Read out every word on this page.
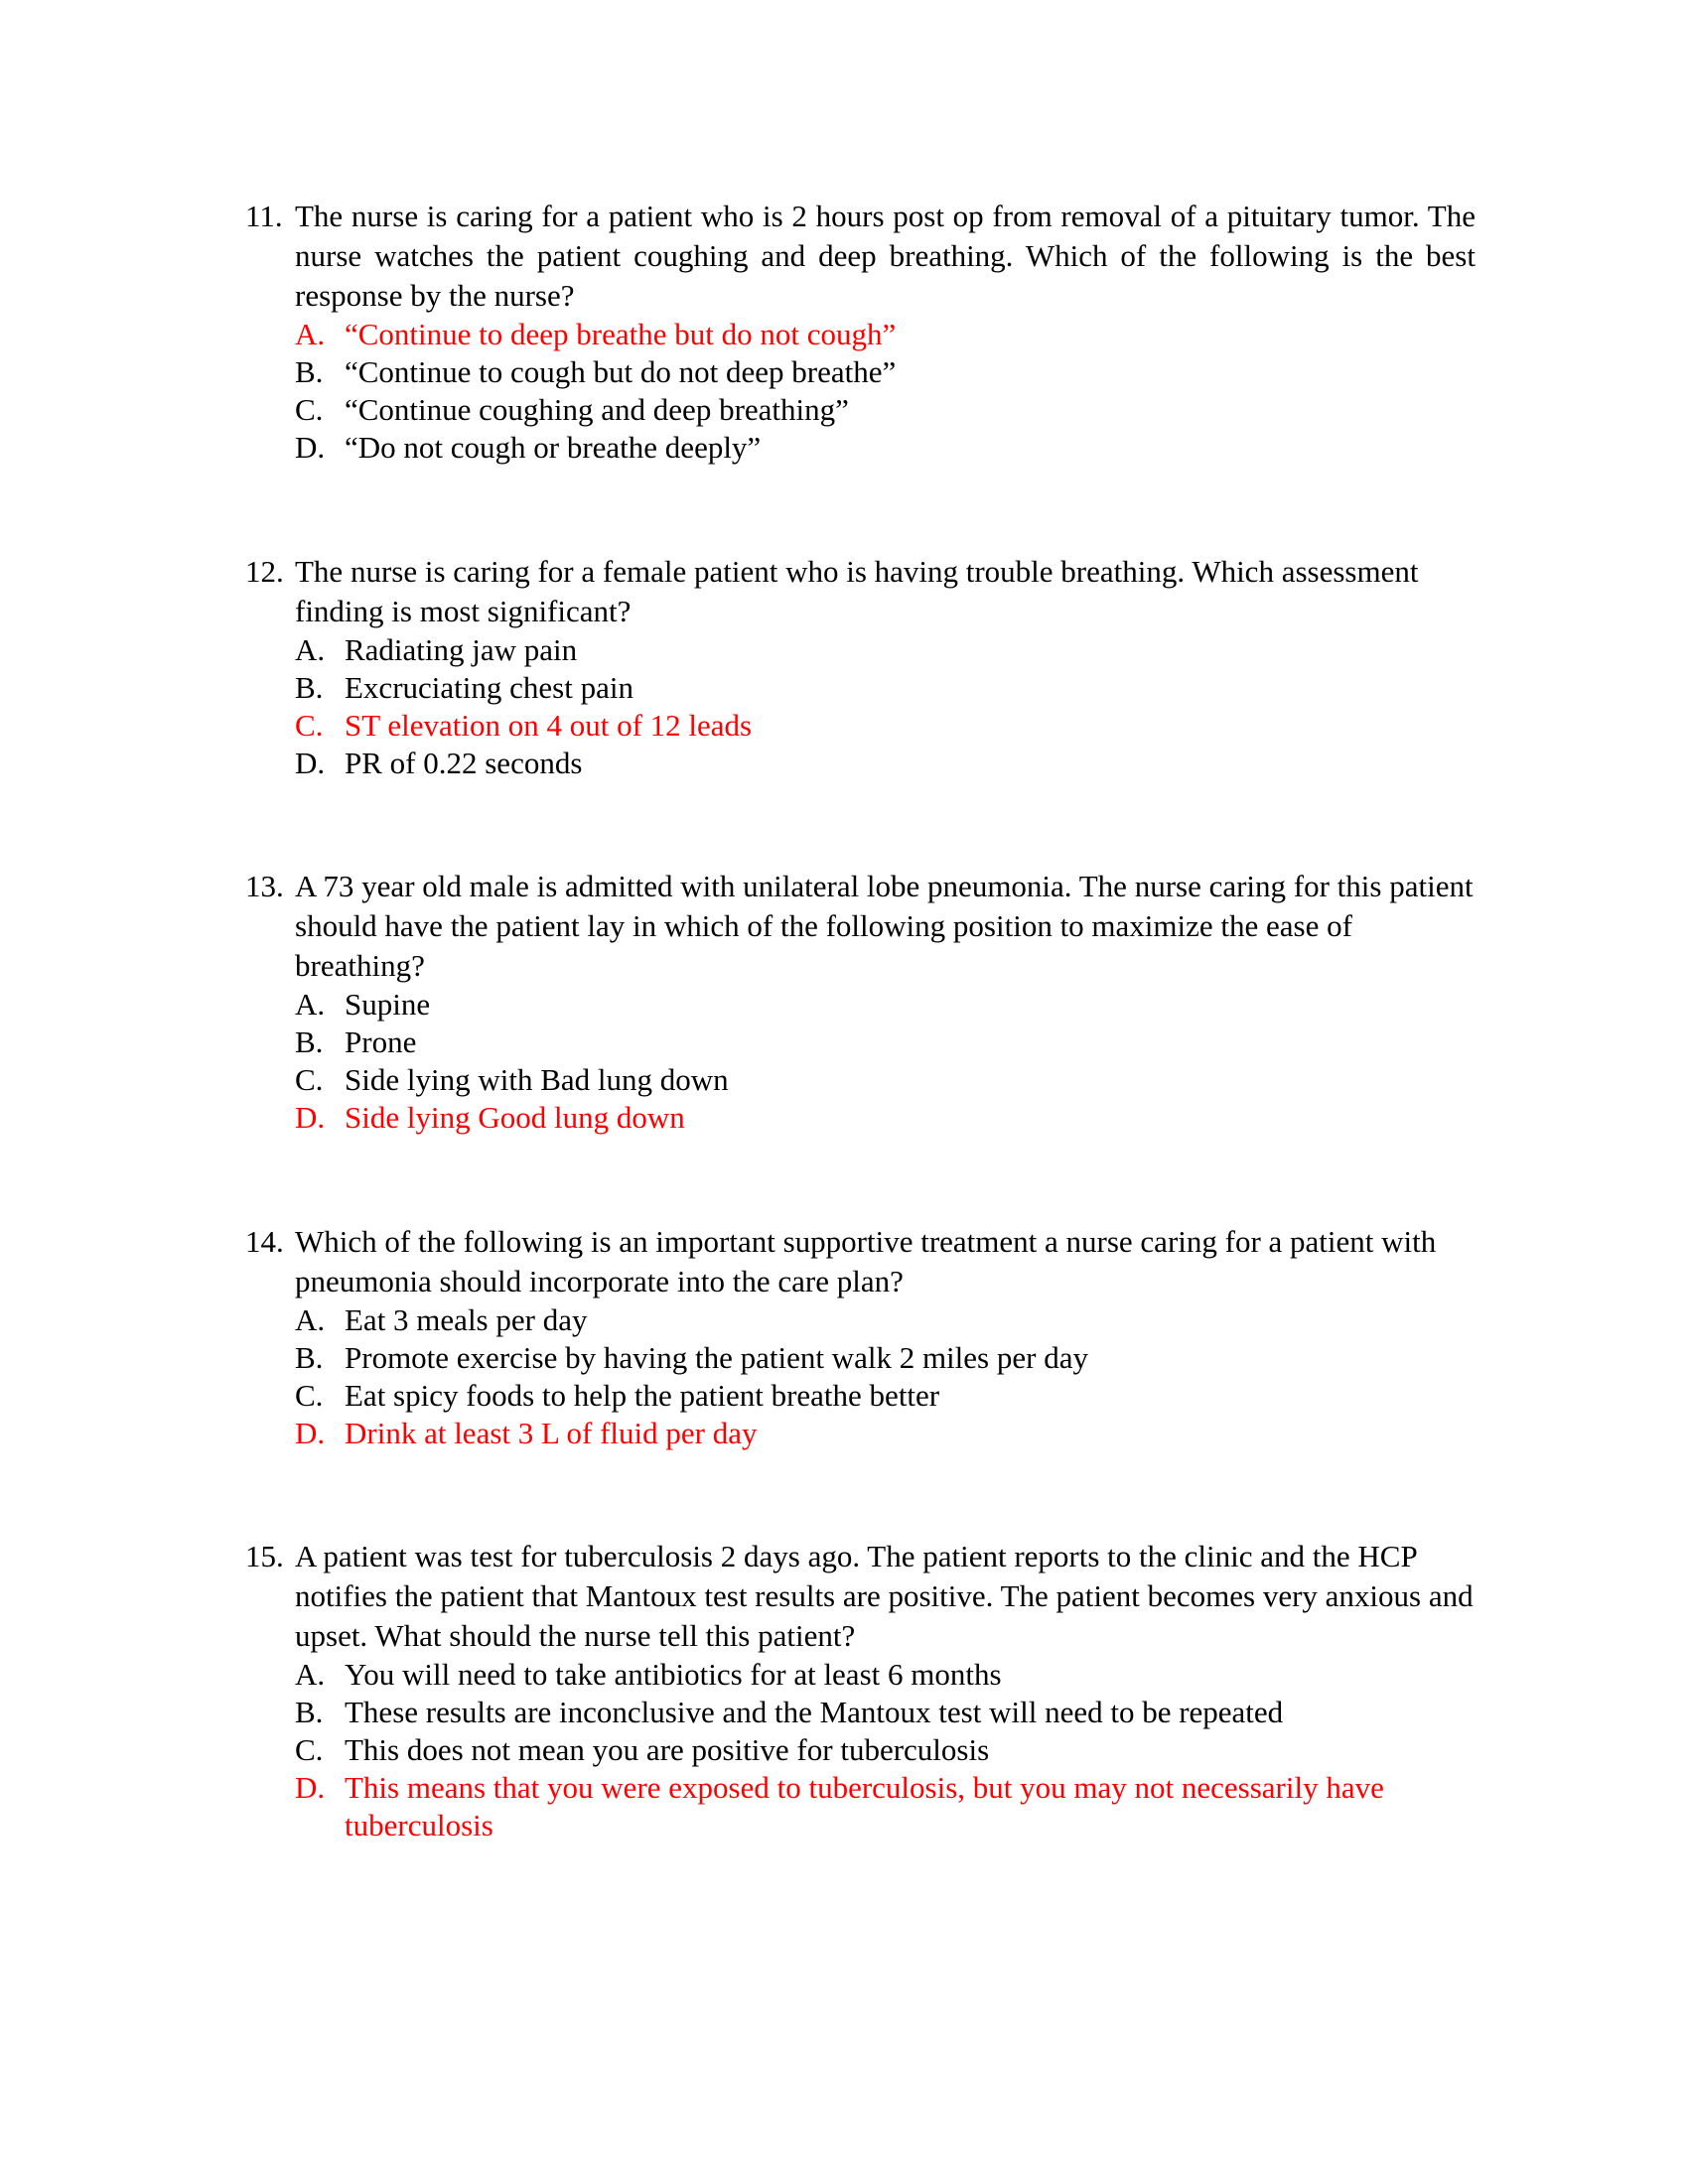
11. The nurse is caring for a patient who is 2 hours post op from removal of a pituitary tumor. The nurse watches the patient coughing and deep breathing. Which of the following is the best response by the nurse?
A. “Continue to deep breathe but do not cough”
B. “Continue to cough but do not deep breathe”
C. “Continue coughing and deep breathing”
D. “Do not cough or breathe deeply”
12. The nurse is caring for a female patient who is having trouble breathing. Which assessment finding is most significant?
A. Radiating jaw pain
B. Excruciating chest pain
C. ST elevation on 4 out of 12 leads
D. PR of 0.22 seconds
13. A 73 year old male is admitted with unilateral lobe pneumonia. The nurse caring for this patient should have the patient lay in which of the following position to maximize the ease of breathing?
A. Supine
B. Prone
C. Side lying with Bad lung down
D. Side lying Good lung down
14. Which of the following is an important supportive treatment a nurse caring for a patient with pneumonia should incorporate into the care plan?
A. Eat 3 meals per day
B. Promote exercise by having the patient walk 2 miles per day
C. Eat spicy foods to help the patient breathe better
D. Drink at least 3 L of fluid per day
15. A patient was test for tuberculosis 2 days ago. The patient reports to the clinic and the HCP notifies the patient that Mantoux test results are positive. The patient becomes very anxious and upset. What should the nurse tell this patient?
A. You will need to take antibiotics for at least 6 months
B. These results are inconclusive and the Mantoux test will need to be repeated
C. This does not mean you are positive for tuberculosis
D. This means that you were exposed to tuberculosis, but you may not necessarily have tuberculosis
